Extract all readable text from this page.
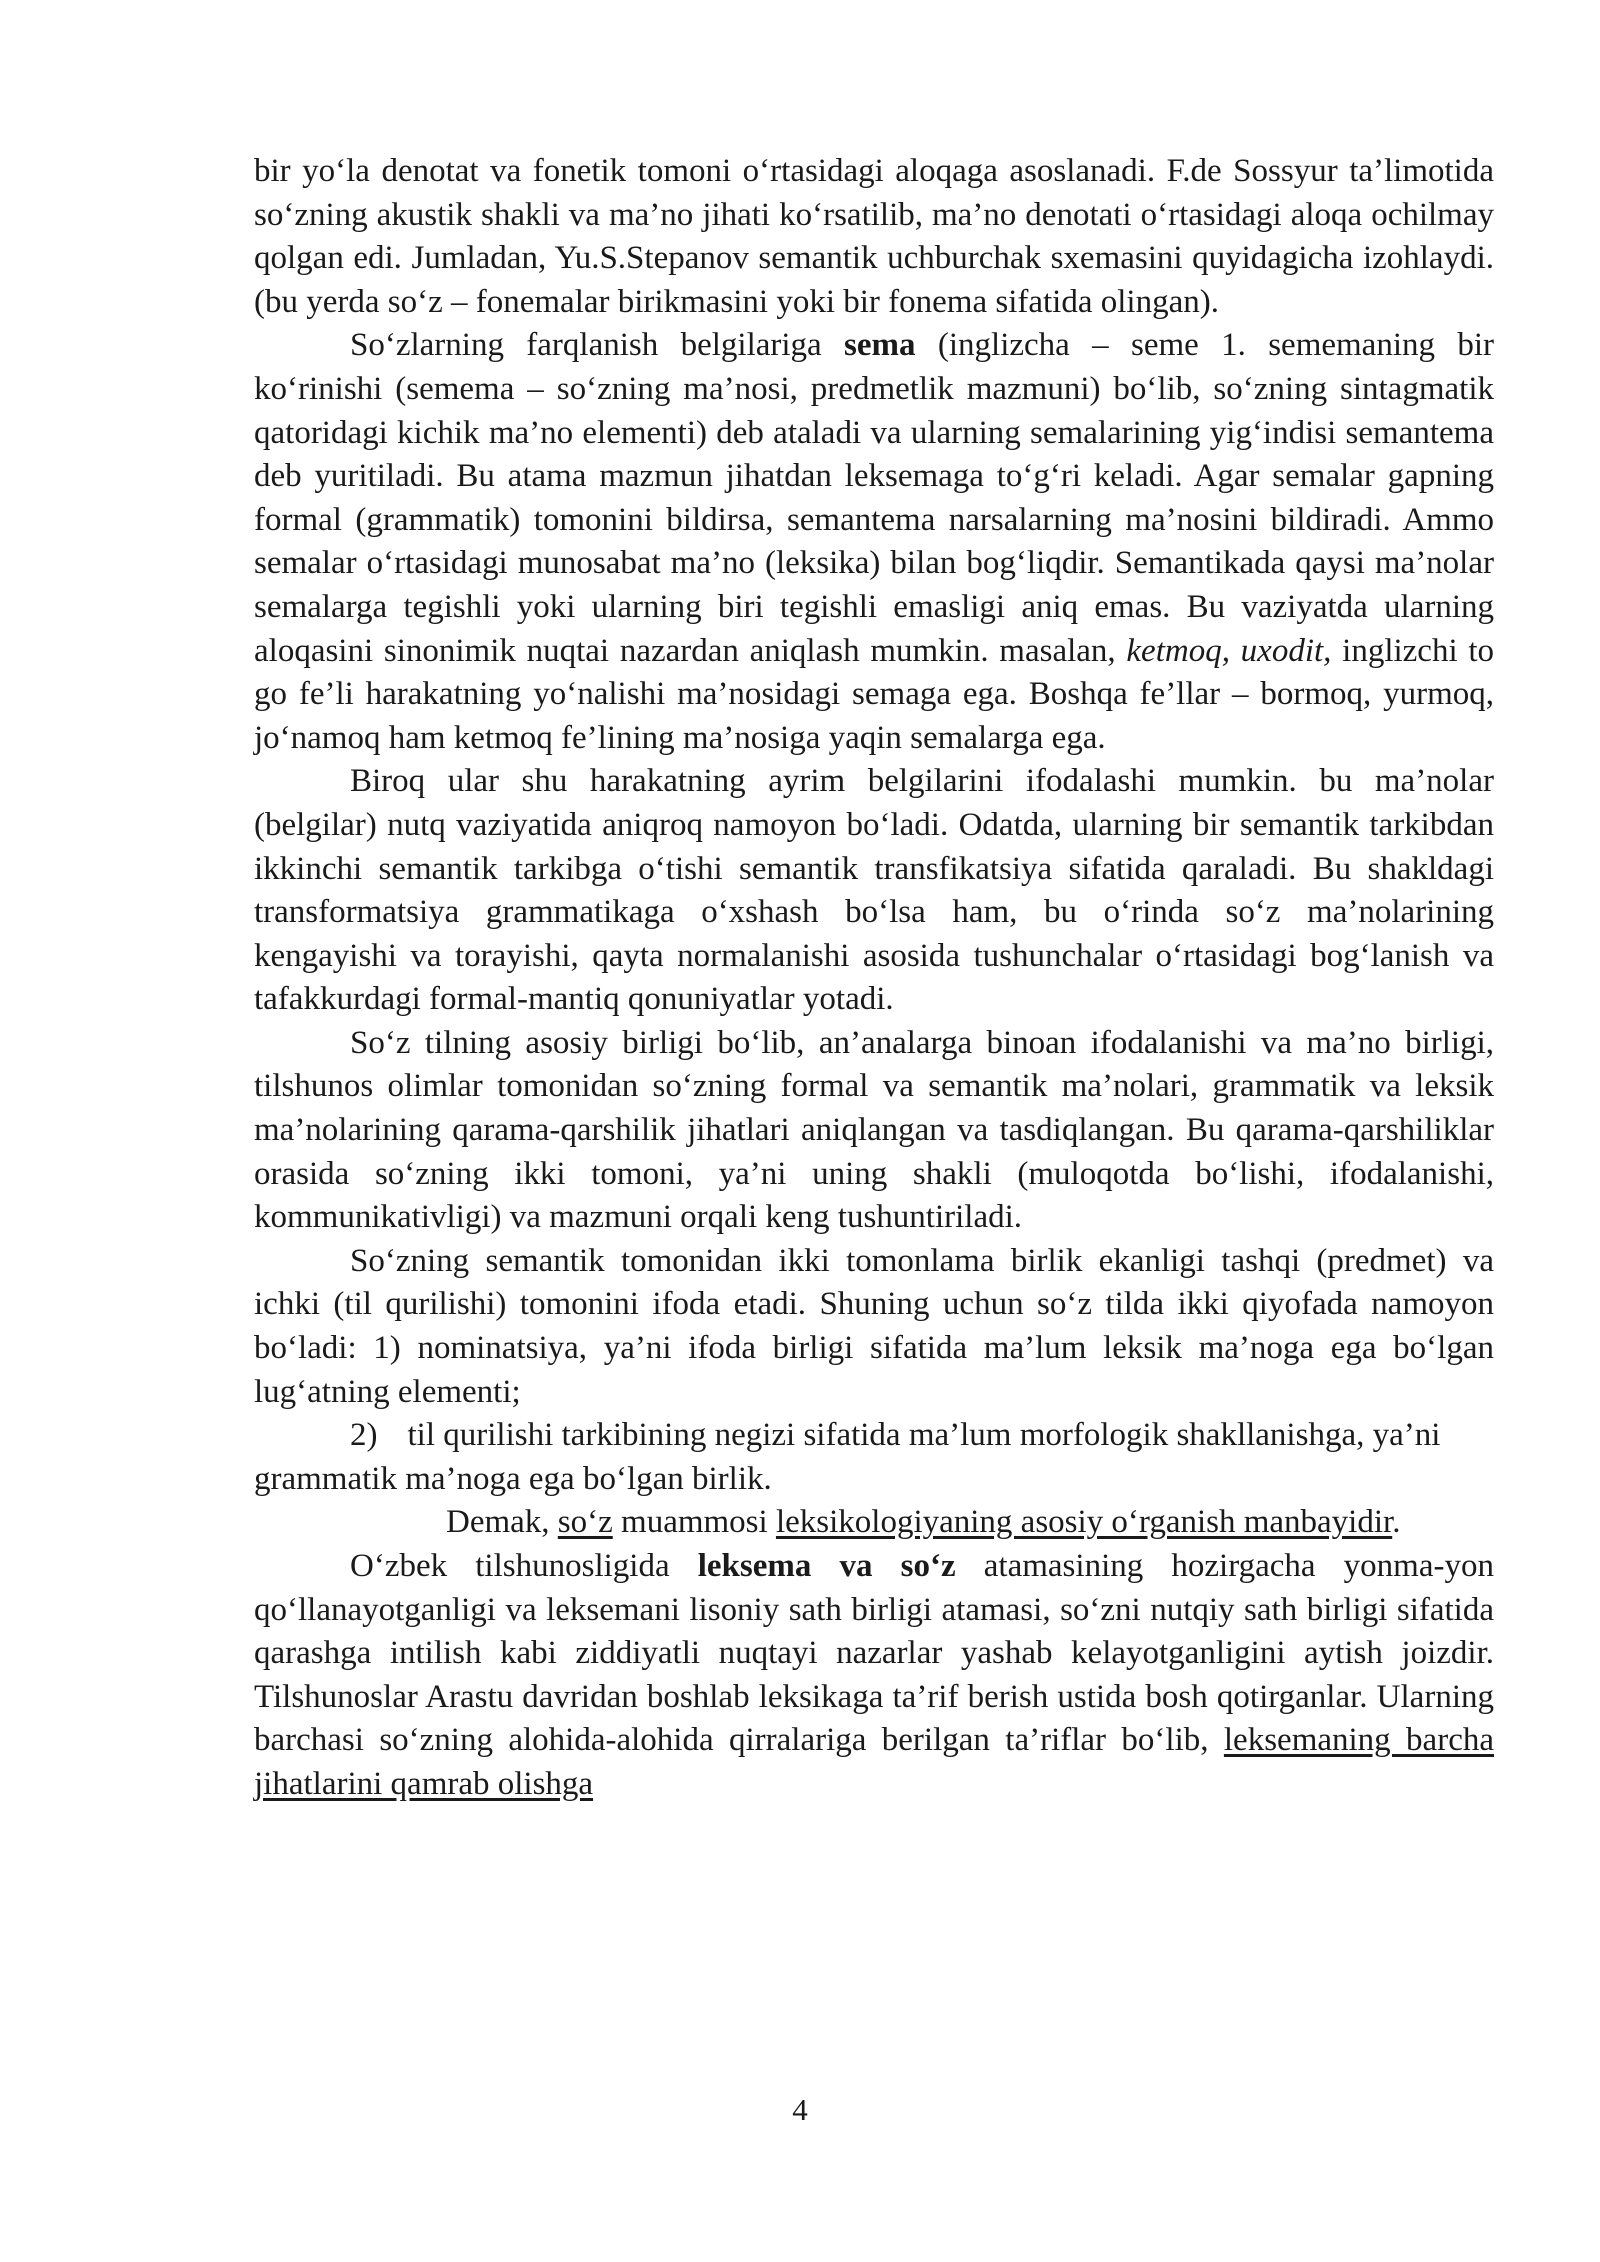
bir yo‘la denotat va fonetik tomoni o‘rtasidagi aloqaga asoslanadi. F.de Sossyur ta’limotida so‘zning akustik shakli va ma’no jihati ko‘rsatilib, ma’no denotati o‘rtasidagi aloqa ochilmay qolgan edi. Jumladan, Yu.S.Stepanov semantik uchburchak sxemasini quyidagicha izohlaydi. (bu yerda so‘z – fonemalar birikmasini yoki bir fonema sifatida olingan).

So‘zlarning farqlanish belgilariga sema (inglizcha – seme 1. sememaning bir ko‘rinishi (semema – so‘zning ma’nosi, predmetlik mazmuni) bo‘lib, so‘zning sintagmatik qatoridagi kichik ma’no elementi) deb ataladi va ularning semalarining yig‘indisi semantema deb yuritiladi. Bu atama mazmun jihatdan leksemaga to‘g‘ri keladi. Agar semalar gapning formal (grammatik) tomonini bildirsa, semantema narsalarning ma’nosini bildiradi. Ammo semalar o‘rtasidagi munosabat ma’no (leksika) bilan bog‘liqdir. Semantikada qaysi ma’nolar semalarga tegishli yoki ularning biri tegishli emasligi aniq emas. Bu vaziyatda ularning aloqasini sinonimik nuqtai nazardan aniqlash mumkin. masalan, ketmoq, uxodit, inglizchi to go fe’li harakatning yo‘nalishi ma’nosidagi semaga ega. Boshqa fe’llar – bormoq, yurmoq, jo‘namoq ham ketmoq fe’lining ma’nosiga yaqin semalarga ega.

Biroq ular shu harakatning ayrim belgilarini ifodalashi mumkin. bu ma’nolar (belgilar) nutq vaziyatida aniqroq namoyon bo‘ladi. Odatda, ularning bir semantik tarkibdan ikkinchi semantik tarkibga o‘tishi semantik transfikatsiya sifatida qaraladi. Bu shakldagi transformatsiya grammatikaga o‘xshash bo‘lsa ham, bu o‘rinda so‘z ma’nolarining kengayishi va torayishi, qayta normalanishi asosida tushunchalar o‘rtasidagi bog‘lanish va tafakkurdagi formal-mantiq qonuniyatlar yotadi.

So‘z tilning asosiy birligi bo‘lib, an’analarga binoan ifodalanishi va ma’no birligi, tilshunos olimlar tomonidan so‘zning formal va semantik ma’nolari, grammatik va leksik ma’nolarining qarama-qarshilik jihatlari aniqlangan va tasdiqlangan. Bu qarama-qarshiliklar orasida so‘zning ikki tomoni, ya’ni uning shakli (muloqotda bo‘lishi, ifodalanishi, kommunikativligi) va mazmuni orqali keng tushuntiriladi.

So‘zning semantik tomonidan ikki tomonlama birlik ekanligi tashqi (predmet) va ichki (til qurilishi) tomonini ifoda etadi. Shuning uchun so‘z tilda ikki qiyofada namoyon bo‘ladi: 1) nominatsiya, ya’ni ifoda birligi sifatida ma’lum leksik ma’noga ega bo‘lgan lug‘atning elementi;

2) til qurilishi tarkibining negizi sifatida ma’lum morfologik shakllanishga, ya’ni grammatik ma’noga ega bo‘lgan birlik.

Demak, so‘z muammosi leksikologiyaning asosiy o‘rganish manbayidir.

O‘zbek tilshunosligida leksema va so‘z atamasining hozirgacha yonma-yon qo‘llanayotganligi va leksemani lisoniy sath birligi atamasi, so‘zni nutqiy sath birligi sifatida qarashga intilish kabi ziddiyatli nuqtayi nazarlar yashab kelayotganligini aytish joizdir. Tilshunoslar Arastu davridan boshlab leksikaga ta’rif berish ustida bosh qotirganlar. Ularning barchasi so‘zning alohida-alohida qirralariga berilgan ta’riflar bo‘lib, leksemaning barcha jihatlarini qamrab olishga

4
